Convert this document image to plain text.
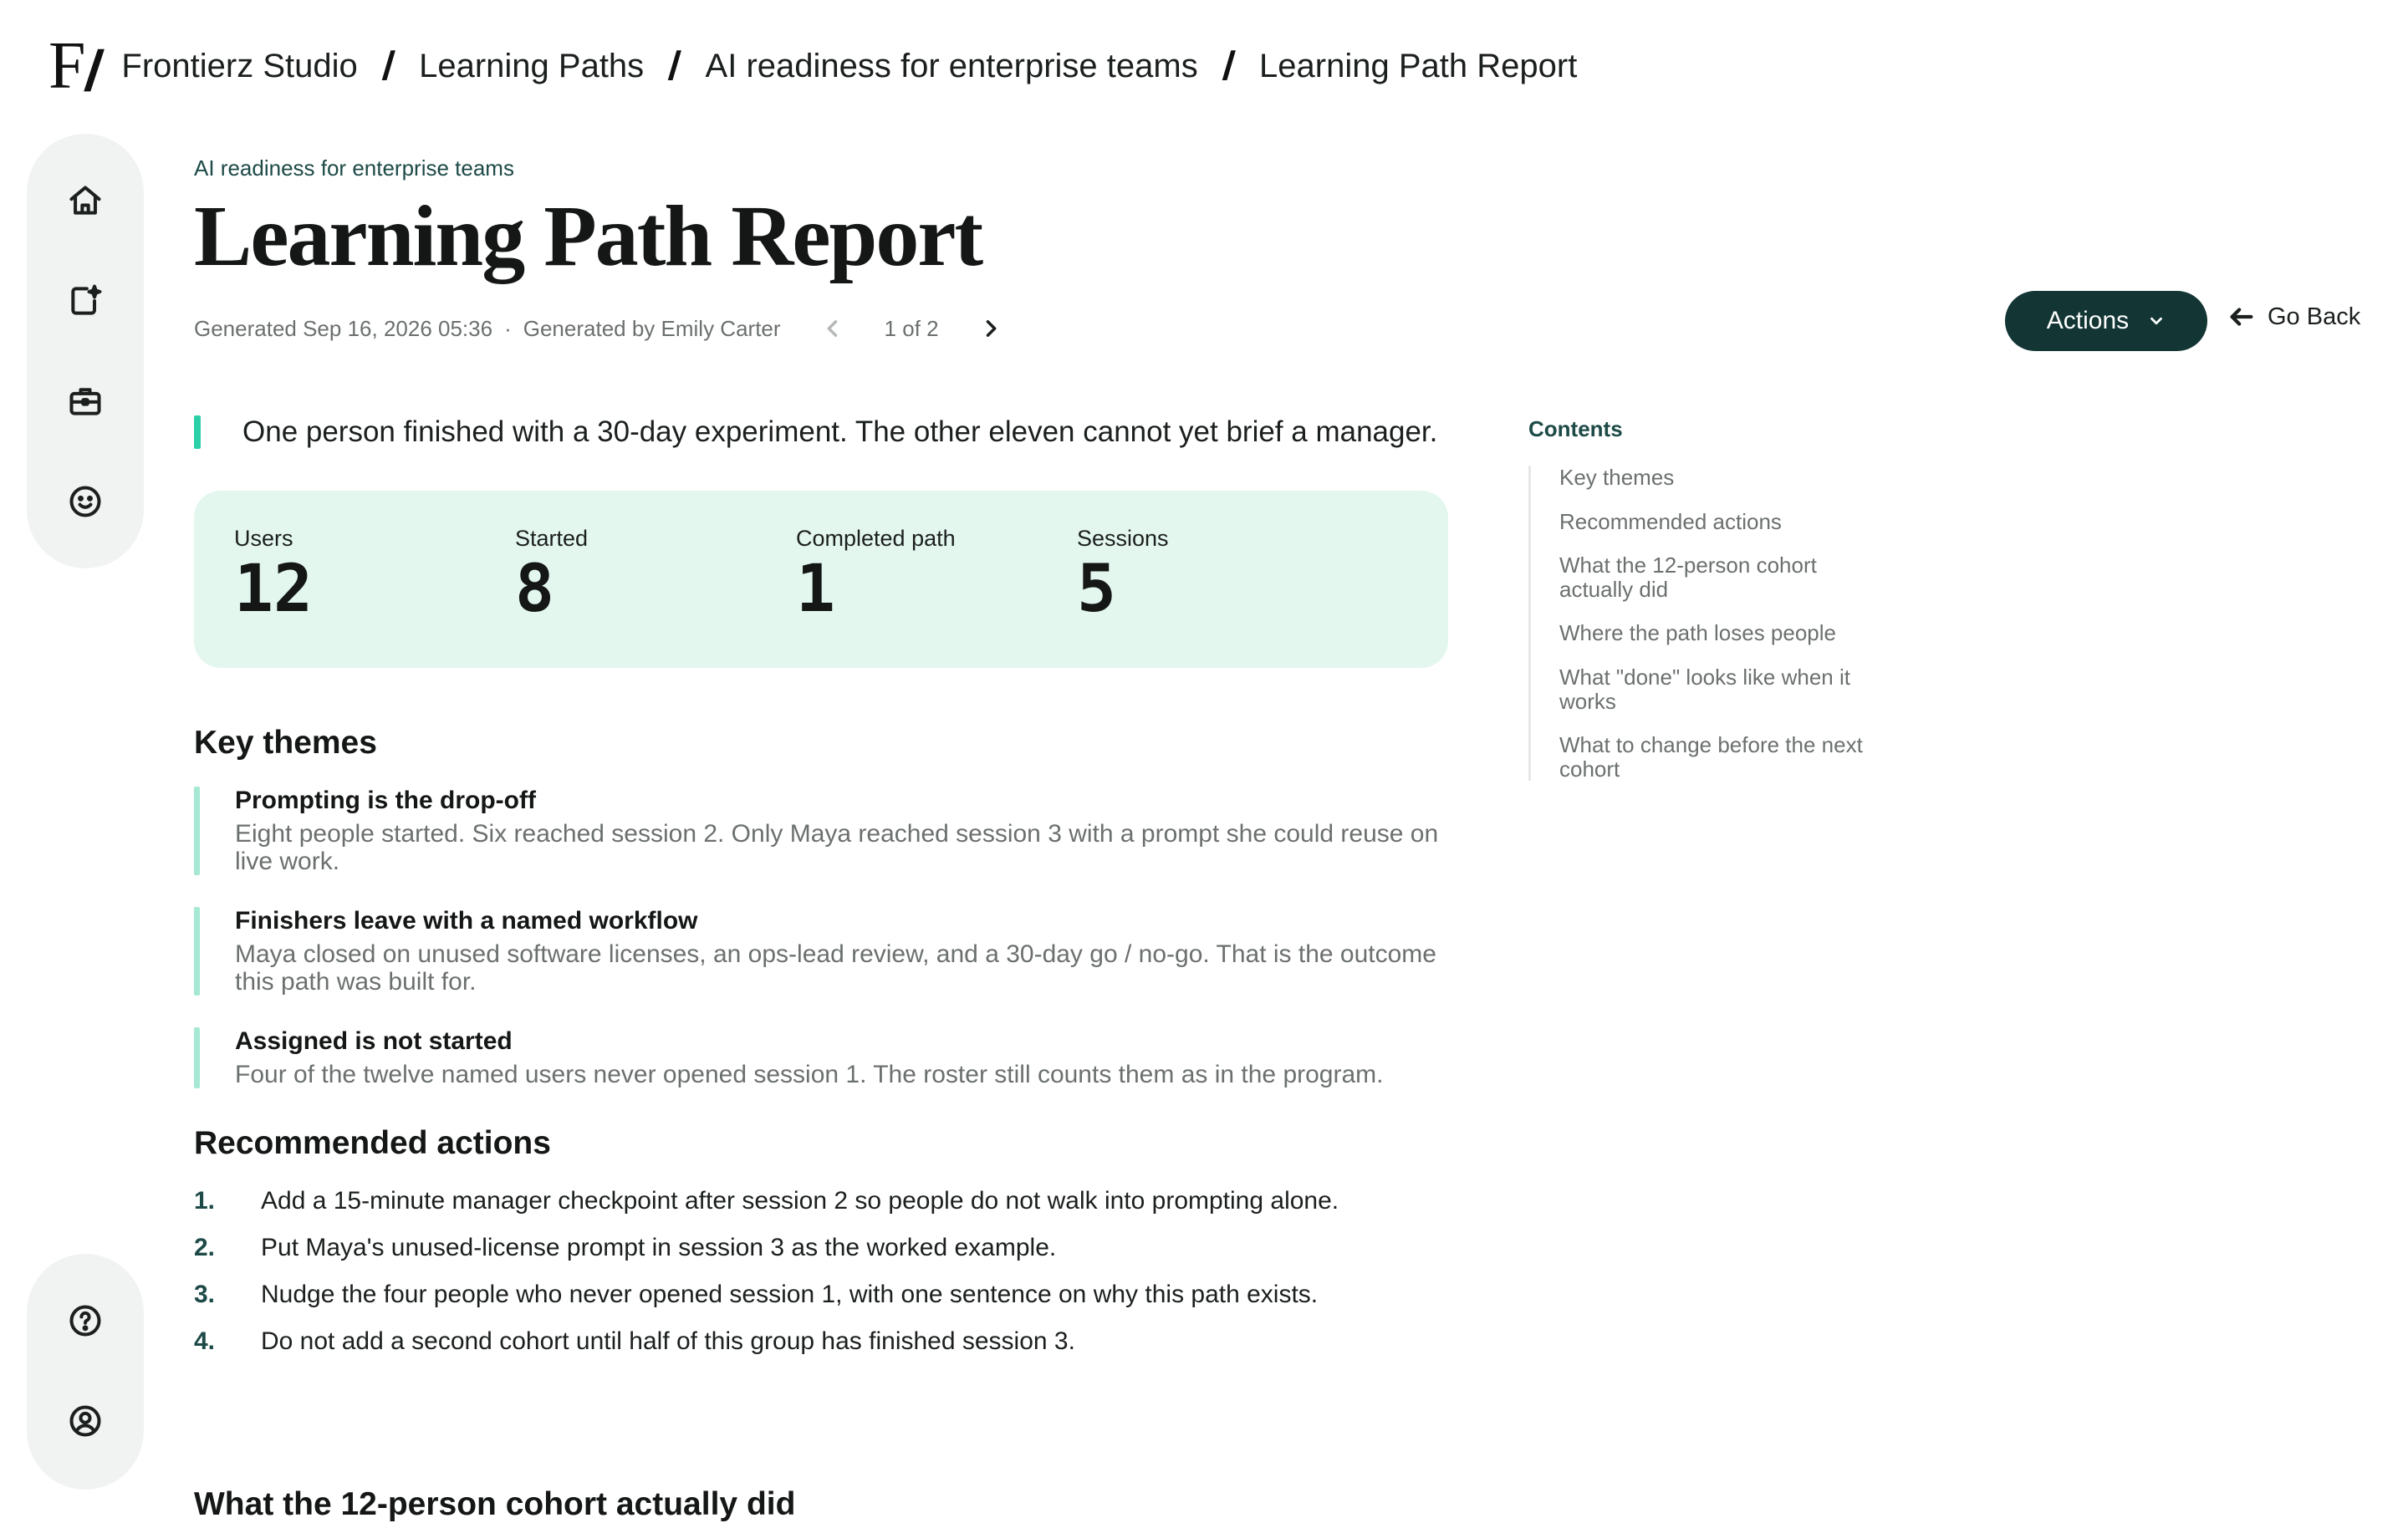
F
/ Frontierz Studio / Learning Paths / AI readiness for enterprise teams / Learning Path Report
AI readiness for enterprise teams
Learning Path Report
Generated Sep 16, 2026 05:36 · Generated by Emily Carter	1 of 2
One person finished with a 30-day experiment. The other eleven cannot yet brief a manager.
Users
12
Started
8
Completed path
1
Sessions
5
Key themes
Prompting is the drop-off
Eight people started. Six reached session 2. Only Maya reached session 3 with a prompt she could reuse on live work.
Finishers leave with a named workflow
Maya closed on unused software licenses, an ops-lead review, and a 30-day go / no-go. That is the outcome this path was built for.
Assigned is not started
Four of the twelve named users never opened session 1. The roster still counts them as in the program.
Recommended actions
1.	Add a 15-minute manager checkpoint after session 2 so people do not walk into prompting alone.
2.	Put Maya's unused-license prompt in session 3 as the worked example.
3.	Nudge the four people who never opened session 1, with one sentence on why this path exists.
4.	Do not add a second cohort until half of this group has finished session 3.
What the 12-person cohort actually did
Actions	Go Back
Contents
Key themes
Recommended actions
What the 12-person cohort actually did
Where the path loses people
What "done" looks like when it works
What to change before the next cohort
